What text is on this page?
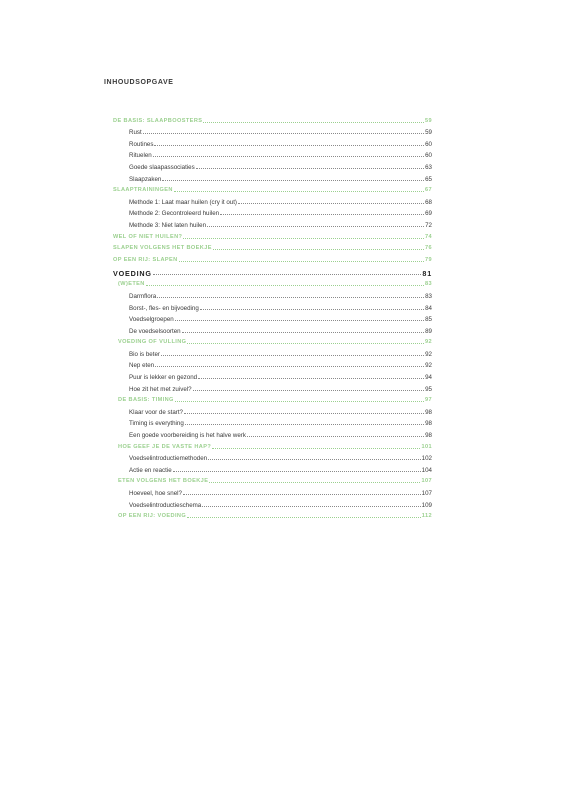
INHOUDSOPGAVE
DE BASIS: SLAAPBOOSTERS	59
Rust	59
Routines	60
Rituelen	60
Goede slaapassociaties	63
Slaapzaken	65
SLAAPTRAININGEN	67
Methode 1: Laat maar huilen (cry it out)	68
Methode 2: Gecontroleerd huilen	69
Methode 3: Niet laten huilen	72
WEL OF NIET HUILEN?	74
SLAPEN VOLGENS HET BOEKJE	76
OP EEN RIJ: SLAPEN	79
VOEDING	81
(W)ETEN	83
Darmflora	83
Borst-, fles- en bijvoeding	84
Voedselgroepen	85
De voedselsoorten	89
VOEDING OF VULLING	92
Bio is beter	92
Nep eten	92
Puur is lekker en gezond	94
Hoe zit het met zuivel?	95
DE BASIS: TIMING	97
Klaar voor de start?	98
Timing is everything	98
Een goede voorbereiding is het halve werk	98
HOE GEEF JE DE VASTE HAP?	101
Voedselintroductiemethoden	102
Actie en reactie	104
ETEN VOLGENS HET BOEKJE	107
Hoeveel, hoe snel?	107
Voedselintroductieschema	109
OP EEN RIJ: VOEDING	112
